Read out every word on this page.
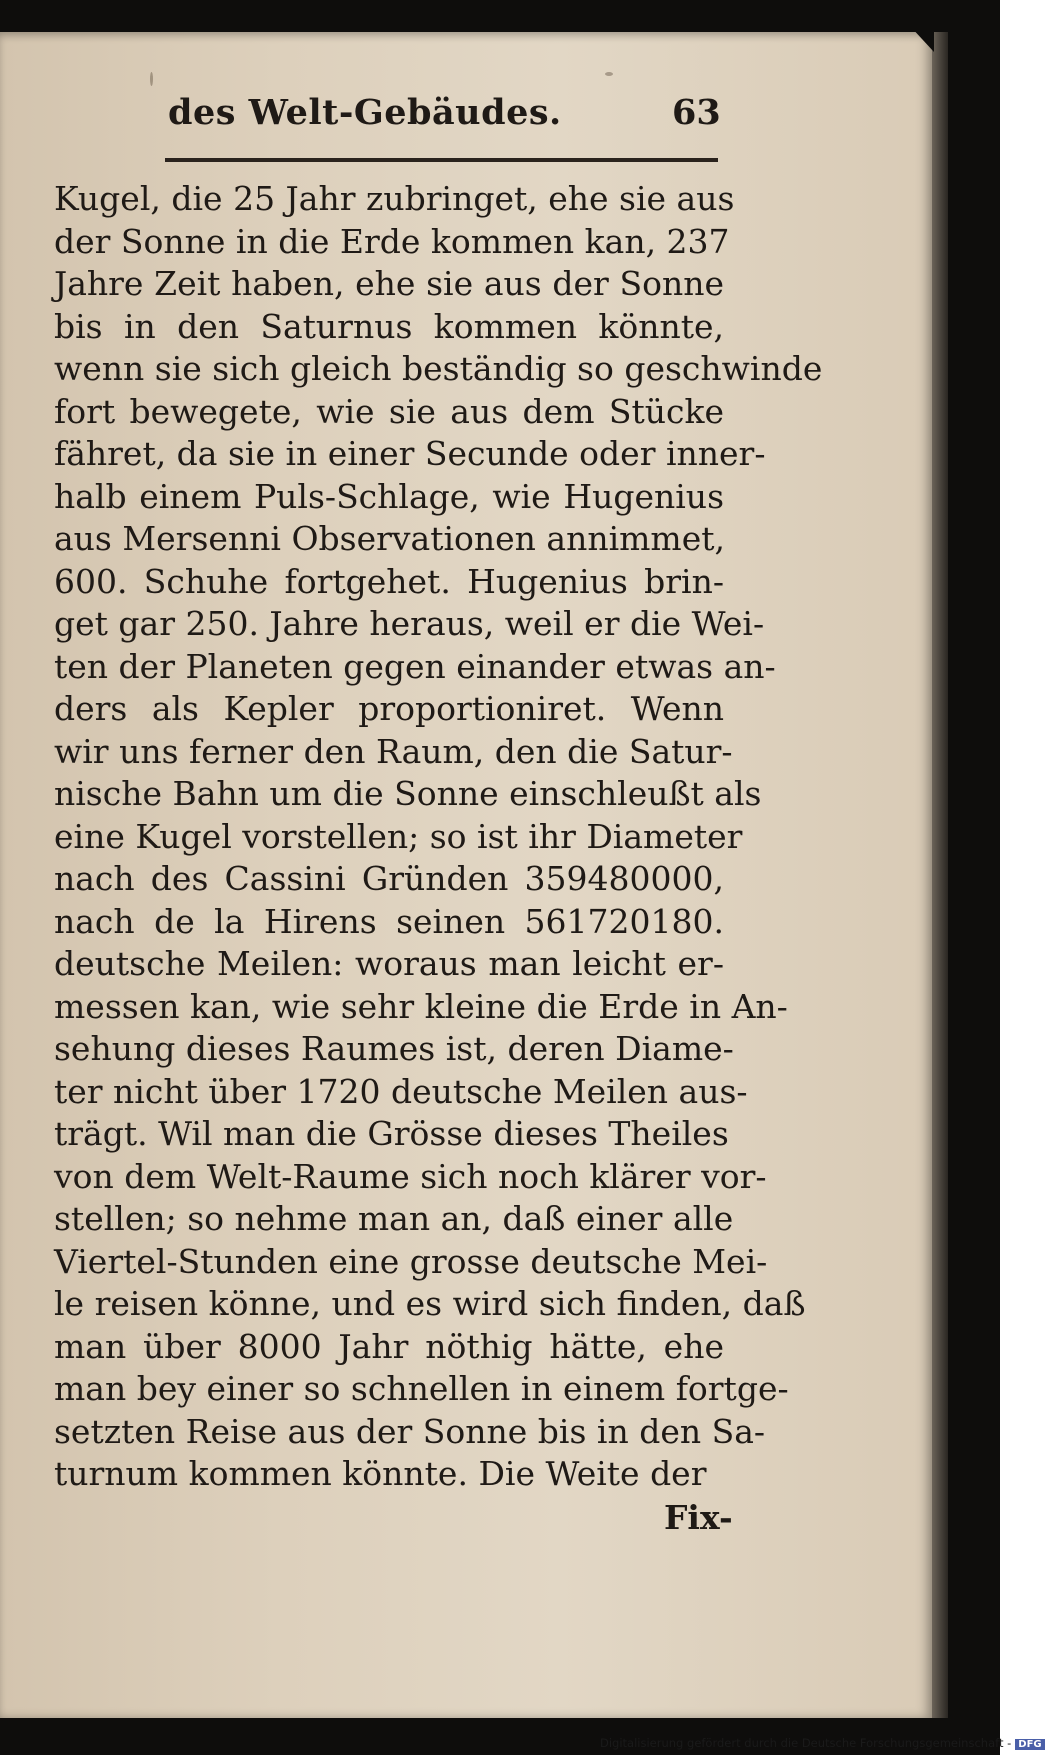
des Welt-Gebäudes.	63
Kugel, die 25 Jahr zubringet, ehe sie aus
der Sonne in die Erde kommen kan, 237
Jahre Zeit haben, ehe sie aus der Sonne
bis in den Saturnus kommen könnte,
wenn sie sich gleich beständig so geschwinde
fort bewegete, wie sie aus dem Stücke
fähret, da sie in einer Secunde oder inner-
halb einem Puls-Schlage, wie Hugenius
aus Mersenni Observationen annimmet,
600. Schuhe fortgehet. Hugenius brin-
get gar 250. Jahre heraus, weil er die Wei-
ten der Planeten gegen einander etwas an-
ders als Kepler proportioniret. Wenn
wir uns ferner den Raum, den die Satur-
nische Bahn um die Sonne einschleußt als
eine Kugel vorstellen; so ist ihr Diameter
nach des Cassini Gründen 359480000,
nach de la Hirens seinen 561720180.
deutsche Meilen: woraus man leicht er-
messen kan, wie sehr kleine die Erde in An-
sehung dieses Raumes ist, deren Diame-
ter nicht über 1720 deutsche Meilen aus-
trägt. Wil man die Grösse dieses Theiles
von dem Welt-Raume sich noch klärer vor-
stellen; so nehme man an, daß einer alle
Viertel-Stunden eine grosse deutsche Mei-
le reisen könne, und es wird sich finden, daß
man über 8000 Jahr nöthig hätte, ehe
man bey einer so schnellen in einem fortge-
setzten Reise aus der Sonne bis in den Sa-
turnum kommen könnte. Die Weite der
Fix-
Digitalisierung gefördert durch die Deutsche Forschungsgemeinschaft - DFG
